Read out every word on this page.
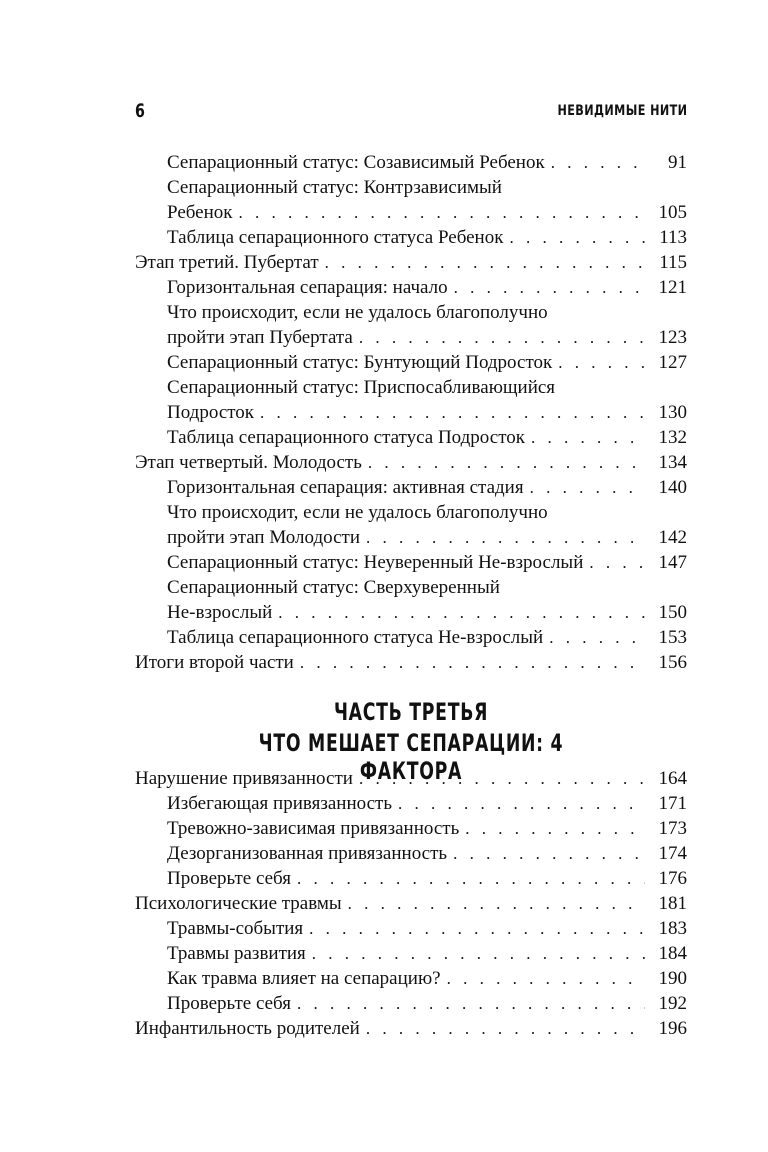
6	НЕВИДИМЫЕ НИТИ
Сепарационный статус: Созависимый Ребенок . . .	91
Сепарационный статус: Контрзависимый
Ребенок . . .	105
Таблица сепарационного статуса Ребенок . . .	113
Этап третий. Пубертат . . .	115
Горизонтальная сепарация: начало . . .	121
Что происходит, если не удалось благополучно
пройти этап Пубертата . . .	123
Сепарационный статус: Бунтующий Подросток . . .	127
Сепарационный статус: Приспосабливающийся
Подросток . . .	130
Таблица сепарационного статуса Подросток . . .	132
Этап четвертый. Молодость . . .	134
Горизонтальная сепарация: активная стадия . . .	140
Что происходит, если не удалось благополучно
пройти этап Молодости . . .	142
Сепарационный статус: Неуверенный Не-взрослый . . .	147
Сепарационный статус: Сверхуверенный
Не-взрослый . . .	150
Таблица сепарационного статуса Не-взрослый . . .	153
Итоги второй части . . .	156
ЧАСТЬ ТРЕТЬЯ
ЧТО МЕШАЕТ СЕПАРАЦИИ: 4 ФАКТОРА
Нарушение привязанности . . .	164
Избегающая привязанность . . .	171
Тревожно-зависимая привязанность . . .	173
Дезорганизованная привязанность . . .	174
Проверьте себя . . .	176
Психологические травмы . . .	181
Травмы-события . . .	183
Травмы развития . . .	184
Как травма влияет на сепарацию? . . .	190
Проверьте себя . . .	192
Инфантильность родителей . . .	196
